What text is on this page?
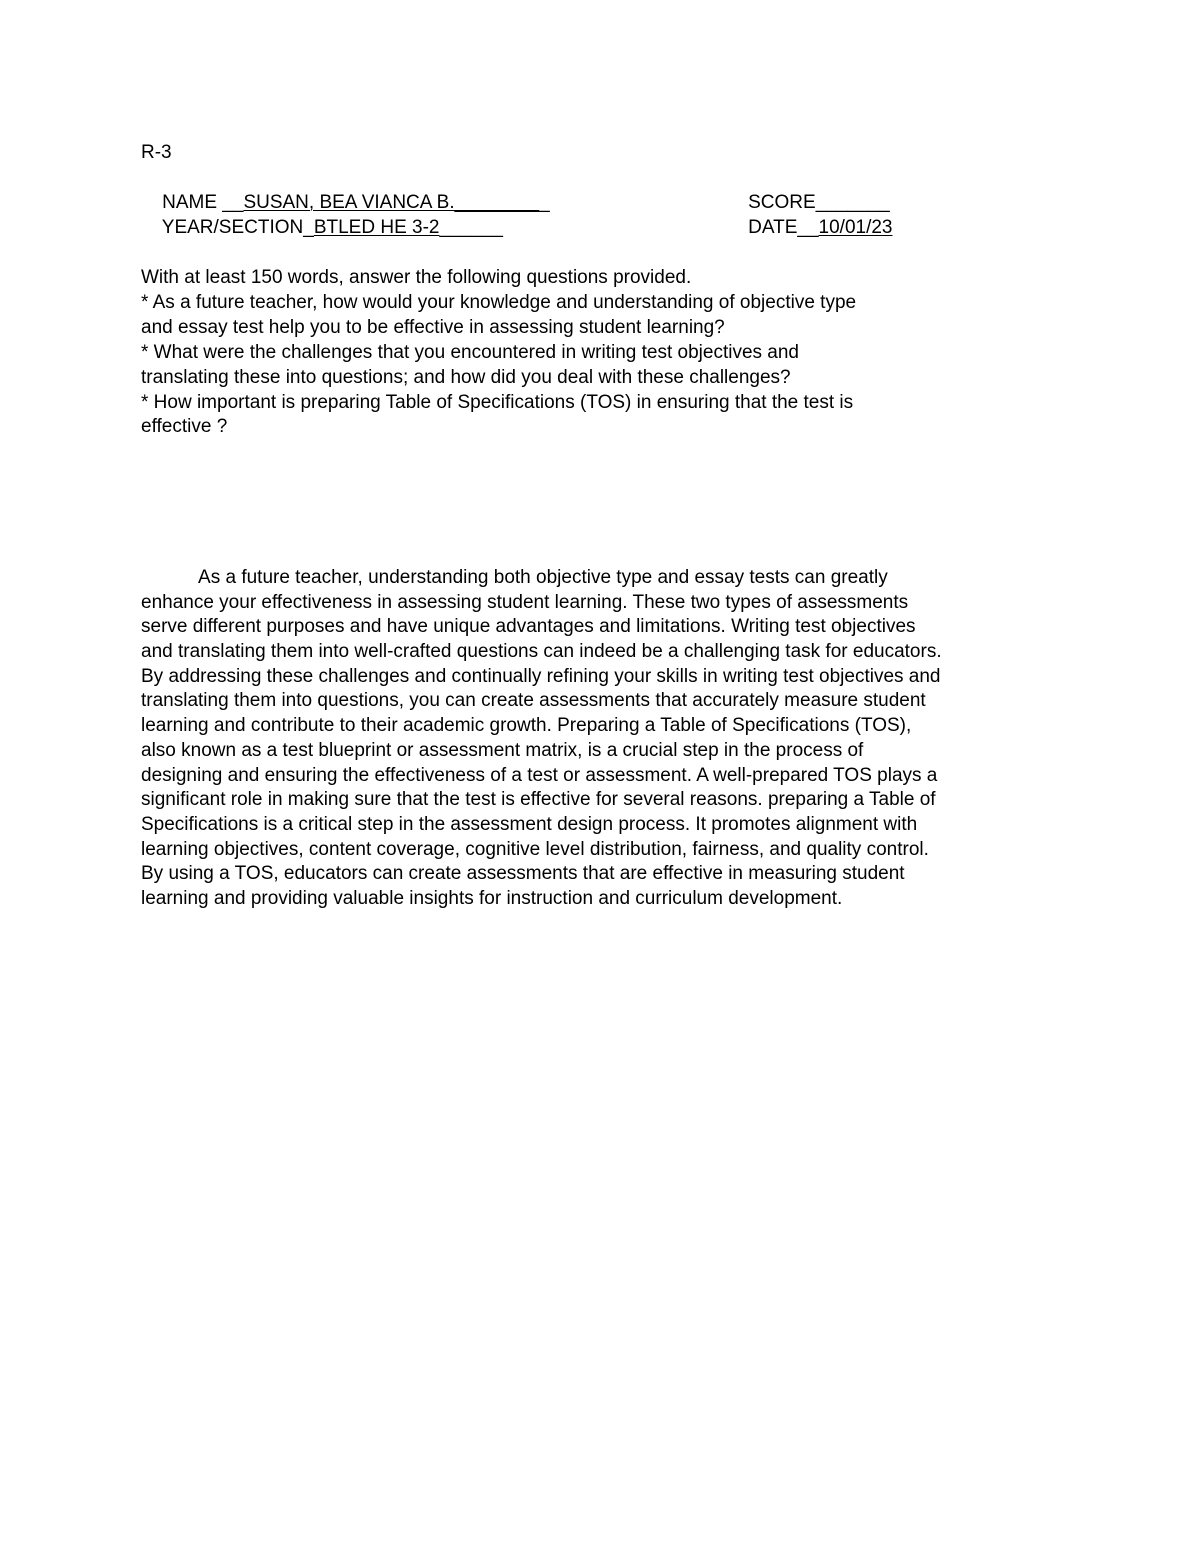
R-3

NAME __SUSAN, BEA VIANCA B._________
	SCORE_______

YEAR/SECTION_BTLED HE 3-2______
	DATE__10/01/23

With at least 150 words, answer the following questions provided.
* As a future teacher, how would your knowledge and understanding of objective type
and essay test help you to be effective in assessing student learning?
* What were the challenges that you encountered in writing test objectives and
translating these into questions; and how did you deal with these challenges?
* How important is preparing Table of Specifications (TOS) in ensuring that the test is
effective ?
As a future teacher, understanding both objective type and essay tests can greatly
enhance your effectiveness in assessing student learning. These two types of assessments
serve different purposes and have unique advantages and limitations. Writing test objectives
and translating them into well-crafted questions can indeed be a challenging task for educators.
By addressing these challenges and continually refining your skills in writing test objectives and
translating them into questions, you can create assessments that accurately measure student
learning and contribute to their academic growth. Preparing a Table of Specifications (TOS),
also known as a test blueprint or assessment matrix, is a crucial step in the process of
designing and ensuring the effectiveness of a test or assessment. A well-prepared TOS plays a
significant role in making sure that the test is effective for several reasons. preparing a Table of
Specifications is a critical step in the assessment design process. It promotes alignment with
learning objectives, content coverage, cognitive level distribution, fairness, and quality control.
By using a TOS, educators can create assessments that are effective in measuring student
learning and providing valuable insights for instruction and curriculum development.
